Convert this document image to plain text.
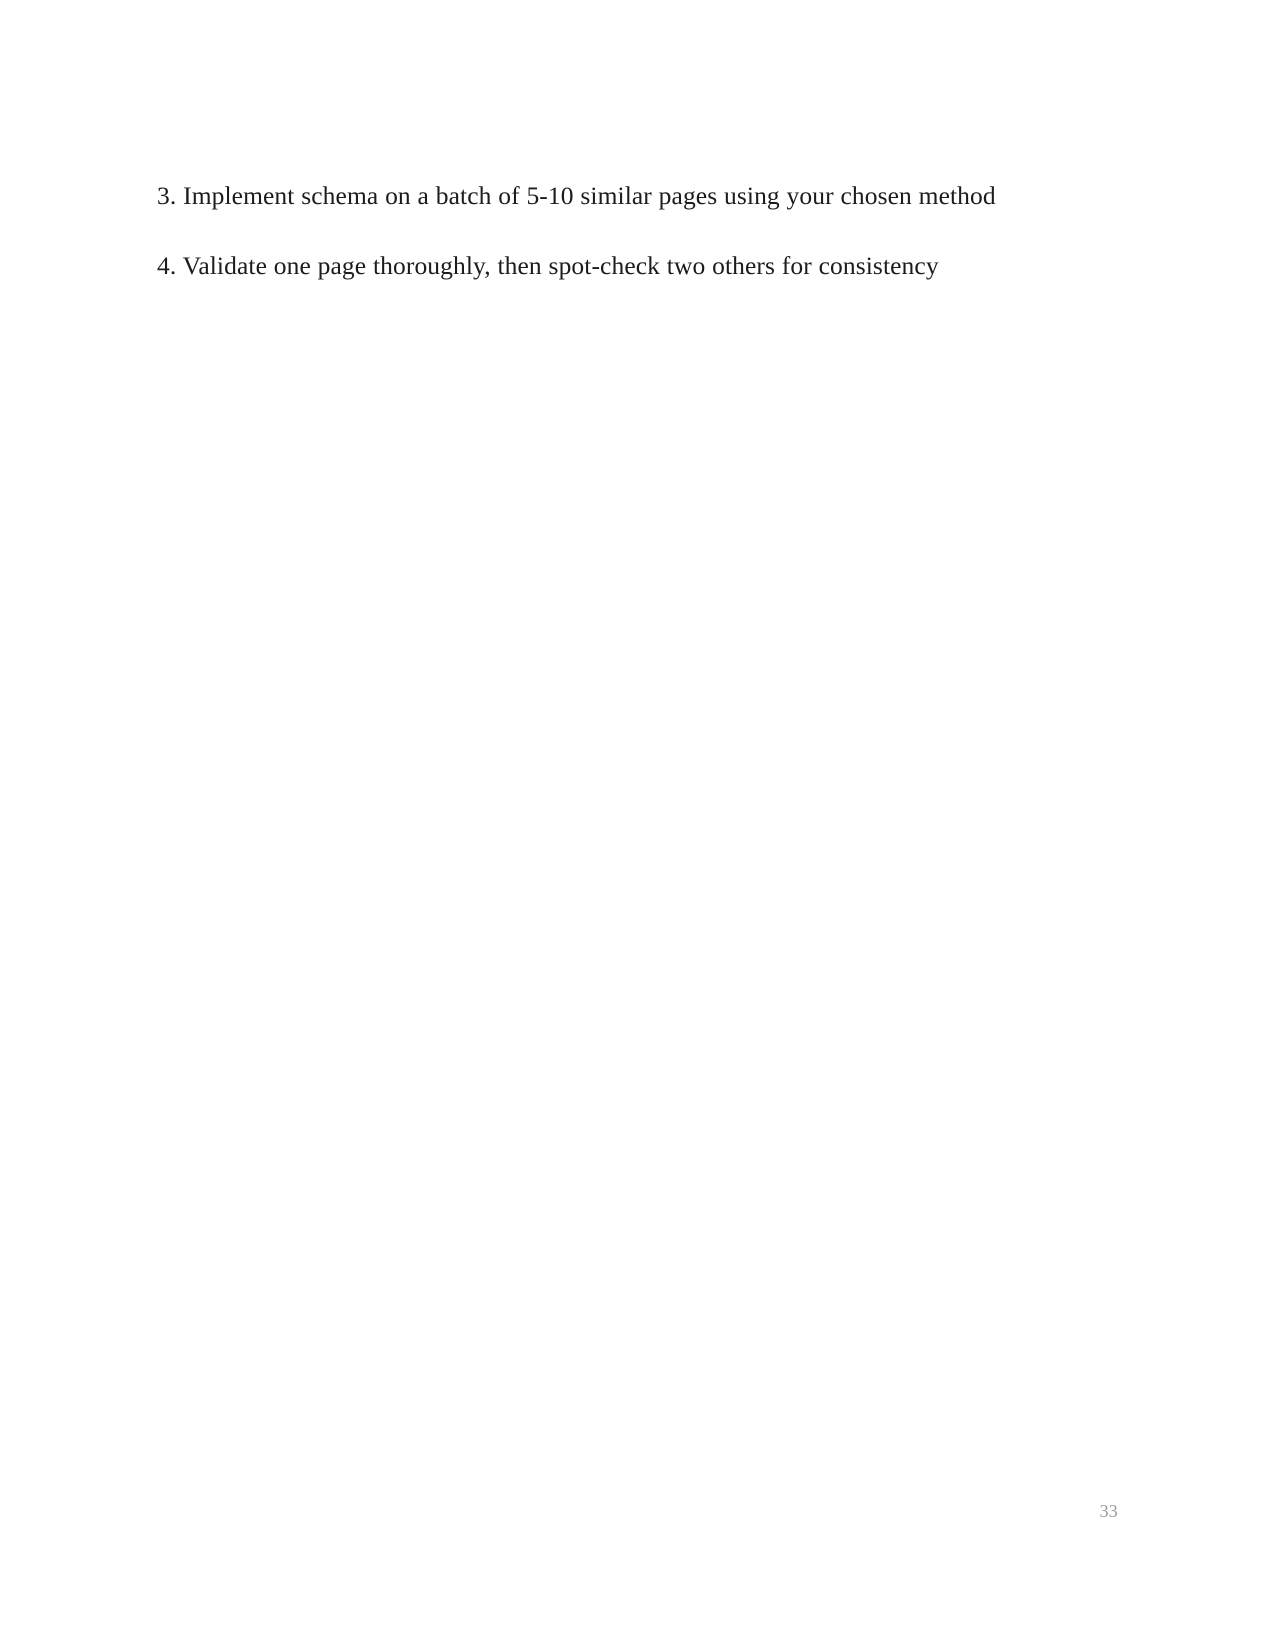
3. Implement schema on a batch of 5-10 similar pages using your chosen method

4. Validate one page thoroughly, then spot-check two others for consistency

33
